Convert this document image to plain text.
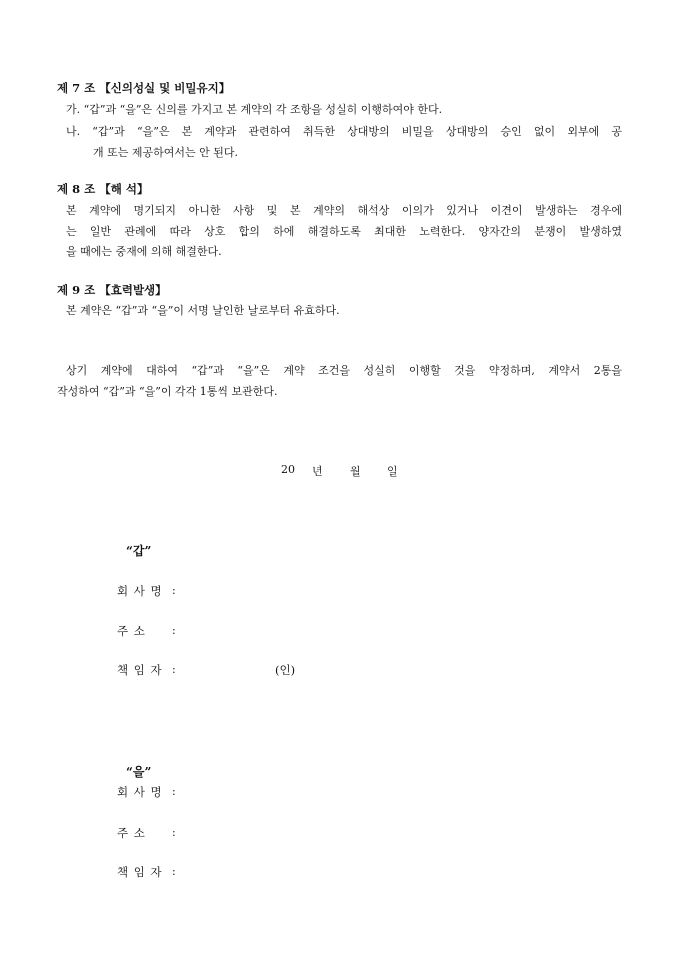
제 7 조 【신의성실 및 비밀유지】
가. “갑”과 “을”은 신의를 가지고 본 계약의 각 조항을 성실히 이행하여야 한다.
나. “갑”과 “을”은 본 계약과 관련하여 취득한 상대방의 비밀을 상대방의 승인 없이 외부에 공
개 또는 제공하여서는 안 된다.
제 8 조 【해 석】
본 계약에 명기되지 아니한 사항 및 본 계약의 해석상 이의가 있거나 이견이 발생하는 경우에
는 일반 관례에 따라 상호 합의 하에 해결하도록 최대한 노력한다. 양자간의 분쟁이 발생하였
을 때에는 중재에 의해 해결한다.
제 9 조 【효력발생】
본 계약은 “갑”과 “을”이 서명 날인한 날로부터 유효하다.
상기 계약에 대하여 “갑”과 “을”은 계약 조건을 성실히 이행할 것을 약정하며, 계약서 2통을
작성하여 “갑”과 “을”이 각각 1통씩 보관한다.
20 년 월 일
“갑”
회 사 명 :
주 소 :
책 임 자 :	(인)
“을”
회 사 명 :
주 소 :
책 임 자 :
